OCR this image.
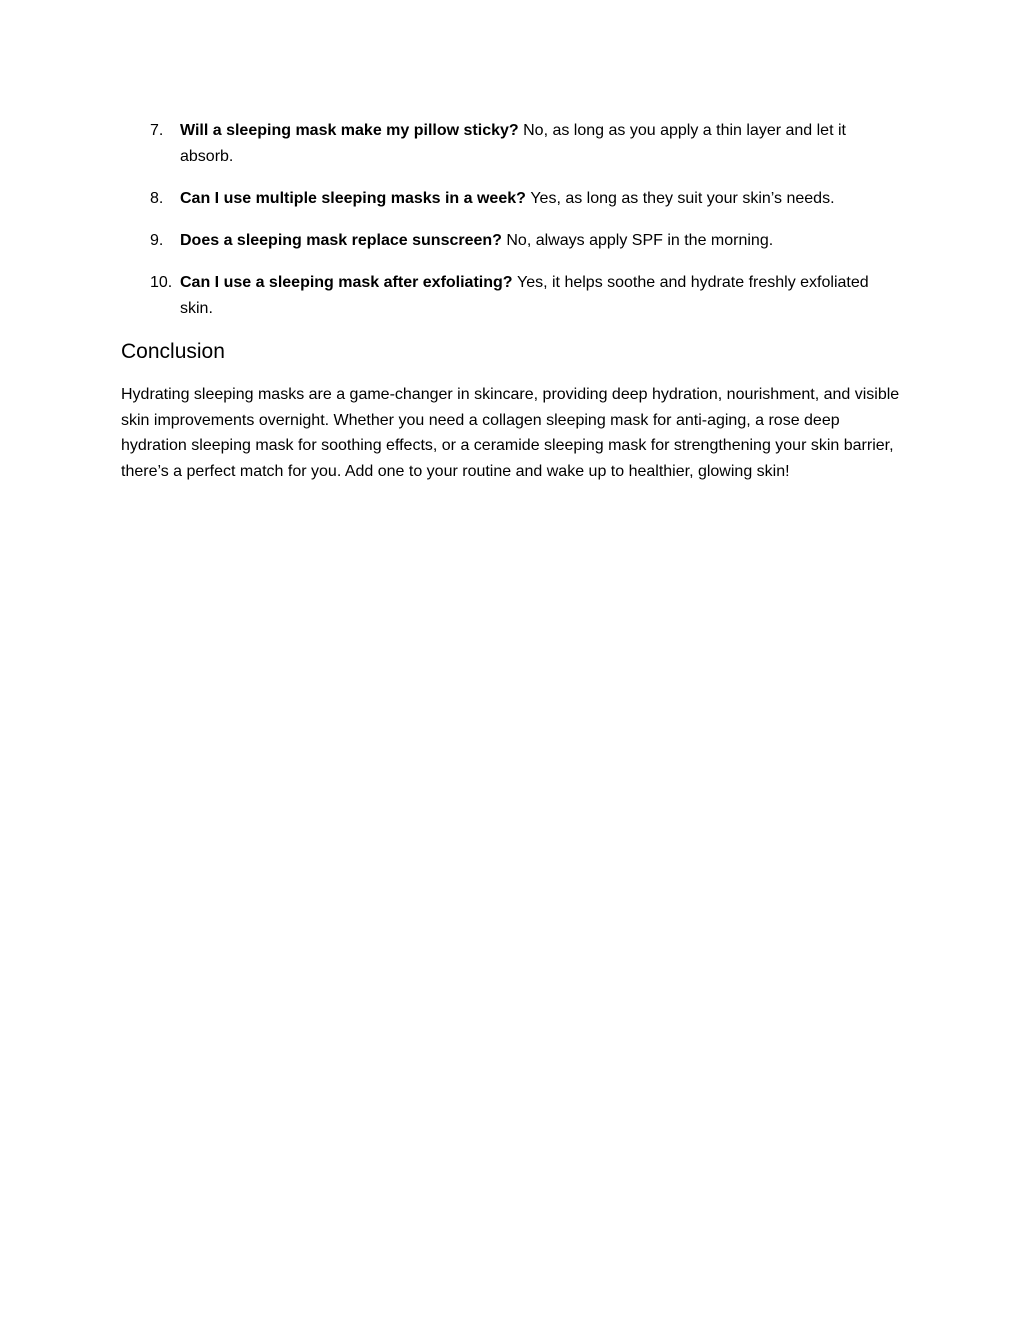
7.	Will a sleeping mask make my pillow sticky? No, as long as you apply a thin layer and let it absorb.
8.	Can I use multiple sleeping masks in a week? Yes, as long as they suit your skin’s needs.
9.	Does a sleeping mask replace sunscreen? No, always apply SPF in the morning.
10. Can I use a sleeping mask after exfoliating? Yes, it helps soothe and hydrate freshly exfoliated skin.
Conclusion

Hydrating sleeping masks are a game-changer in skincare, providing deep hydration, nourishment, and visible skin improvements overnight. Whether you need a collagen sleeping mask for anti-aging, a rose deep hydration sleeping mask for soothing effects, or a ceramide sleeping mask for strengthening your skin barrier, there’s a perfect match for you. Add one to your routine and wake up to healthier, glowing skin!
